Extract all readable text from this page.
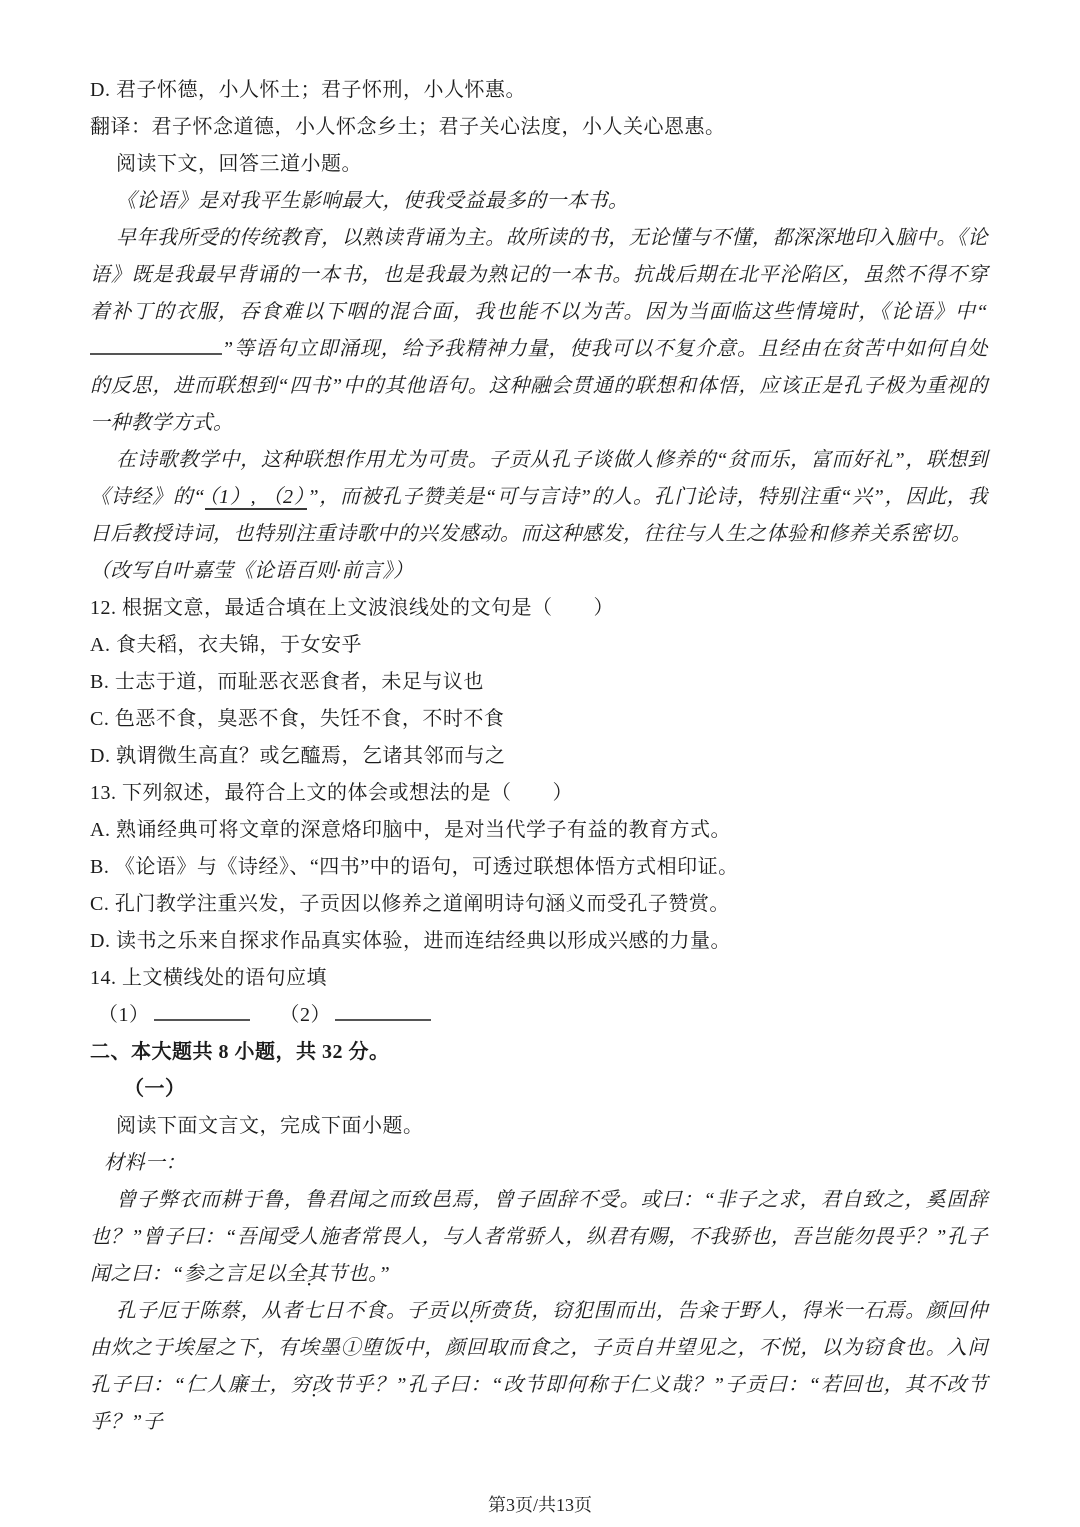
D. 君子怀德，小人怀土；君子怀刑，小人怀惠。

翻译：君子怀念道德，小人怀念乡土；君子关心法度，小人关心恩惠。

阅读下文，回答三道小题。

《论语》是对我平生影响最大，使我受益最多的一本书。

早年我所受的传统教育，以熟读背诵为主。故所读的书，无论懂与不懂，都深深地印入脑中。《论语》既是我最早背诵的一本书，也是我最为熟记的一本书。抗战后期在北平沦陷区，虽然不得不穿着补丁的衣服，吞食难以下咽的混合面，我也能不以为苦。因为当面临这些情境时，《论语》中“”等语句立即涌现，给予我精神力量，使我可以不复介意。且经由在贫苦中如何自处的反思，进而联想到“四书”中的其他语句。这种融会贯通的联想和体悟，应该正是孔子极为重视的一种教学方式。

在诗歌教学中，这种联想作用尤为可贵。子贡从孔子谈做人修养的“贫而乐，富而好礼”，联想到《诗经》的“ （1）, （2） ”，而被孔子赞美是“可与言诗”的人。孔门论诗，特别注重“兴”，因此，我日后教授诗词，也特别注重诗歌中的兴发感动。而这种感发，往往与人生之体验和修养关系密切。

（改写自叶嘉莹《论语百则·前言》）

12. 根据文意，最适合填在上文波浪线处的文句是（　　）

A. 食夫稻，衣夫锦，于女安乎

B. 士志于道，而耻恶衣恶食者，未足与议也

C. 色恶不食，臭恶不食，失饪不食，不时不食

D. 孰谓微生高直？或乞醯焉，乞诸其邻而与之

13. 下列叙述，最符合上文的体会或想法的是（　　）

A. 熟诵经典可将文章的深意烙印脑中，是对当代学子有益的教育方式。

B. 《论语》与《诗经》、“四书”中的语句，可透过联想体悟方式相印证。

C. 孔门教学注重兴发，子贡因以修养之道阐明诗句涵义而受孔子赞赏。

D. 读书之乐来自探求作品真实体验，进而连结经典以形成兴感的力量。

14. 上文横线处的语句应填

（1）	（2）

二、本大题共 8 小题，共 32 分。

（一）

阅读下面文言文，完成下面小题。

材料一：

曾子弊衣而耕于鲁，鲁君闻之而致邑焉，曾子固辞不受。或曰：“非子之求，君自致之，奚固辞也？”曾子曰：“吾闻受人施者常畏人，与人者常骄人，纵君有赐，不我骄也，吾岂能勿畏乎？”孔子闻之曰：“参之言足以全其节也。”

孔子厄于陈蔡，从者七日不食。子贡以所赍货，窃犯围而出，告籴于野人，得米一石焉。颜回仲由炊之于埃屋之下，有埃墨①堕饭中，颜回取而食之，子贡自井望见之，不悦，以为窃食也。入问孔子曰：“仁人廉士，穷改节乎？”孔子曰：“改节即何称于仁义哉？”子贡曰：“若回也，其不改节乎？”子

第3页/共13页
